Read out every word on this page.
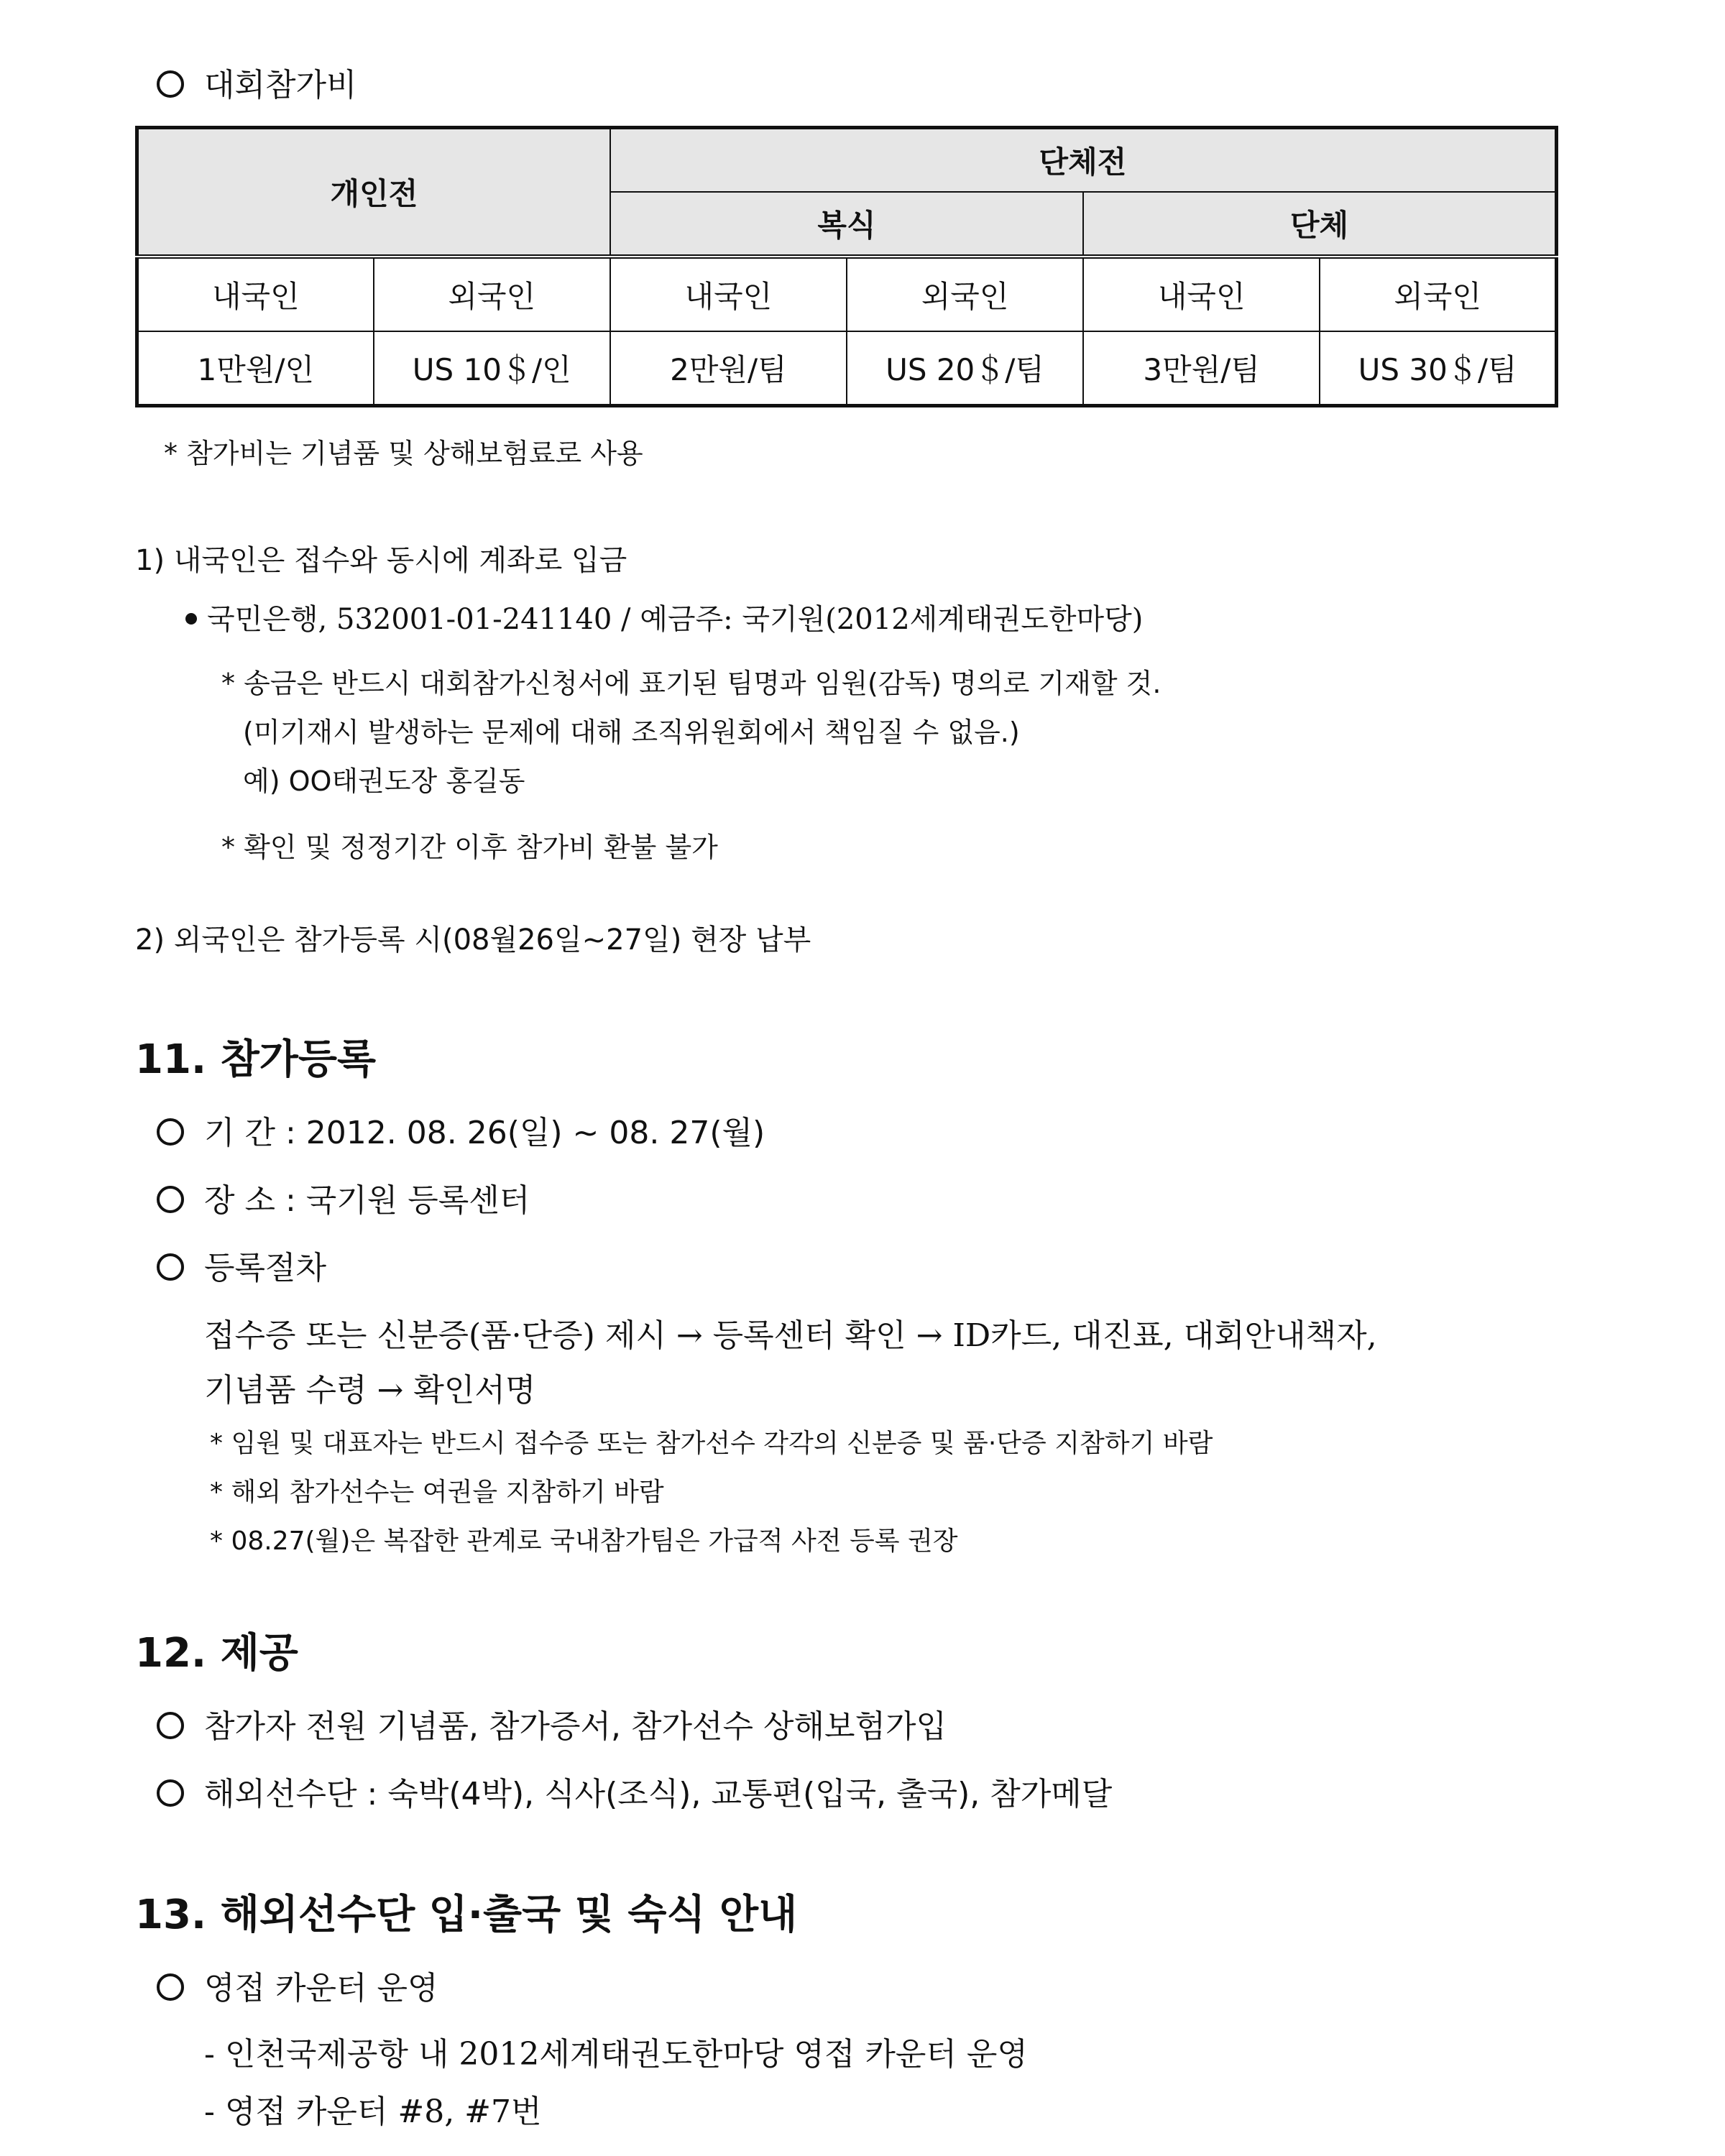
대회참가비
개인전		단체전			
		복식		단체	
내국인	외국인	내국인	외국인	내국인	외국인
1만원/인	US 10＄/인	2만원/팀	US 20＄/팀	3만원/팀	US 30＄/팀
* 참가비는 기념품 및 상해보험료로 사용
1) 내국인은 접수와 동시에 계좌로 입금
국민은행, 532001-01-241140 / 예금주: 국기원(2012세계태권도한마당)
* 송금은 반드시 대회참가신청서에 표기된 팀명과 임원(감독) 명의로 기재할 것.
(미기재시 발생하는 문제에 대해 조직위원회에서 책임질 수 없음.)
예) OO태권도장 홍길동
* 확인 및 정정기간 이후 참가비 환불 불가
2) 외국인은 참가등록 시(08월26일~27일) 현장 납부
11. 참가등록
기 간 : 2012. 08. 26(일) ~ 08. 27(월)
장 소 : 국기원 등록센터
등록절차
접수증 또는 신분증(품·단증) 제시 → 등록센터 확인 → ID카드, 대진표, 대회안내책자,
기념품 수령 → 확인서명
* 임원 및 대표자는 반드시 접수증 또는 참가선수 각각의 신분증 및 품·단증 지참하기 바람
* 해외 참가선수는 여권을 지참하기 바람
* 08.27(월)은 복잡한 관계로 국내참가팀은 가급적 사전 등록 권장
12. 제공
참가자 전원 기념품, 참가증서, 참가선수 상해보험가입
해외선수단 : 숙박(4박), 식사(조식), 교통편(입국, 출국), 참가메달
13. 해외선수단 입·출국 및 숙식 안내
영접 카운터 운영
- 인천국제공항 내 2012세계태권도한마당 영접 카운터 운영
- 영접 카운터 #8, #7번
